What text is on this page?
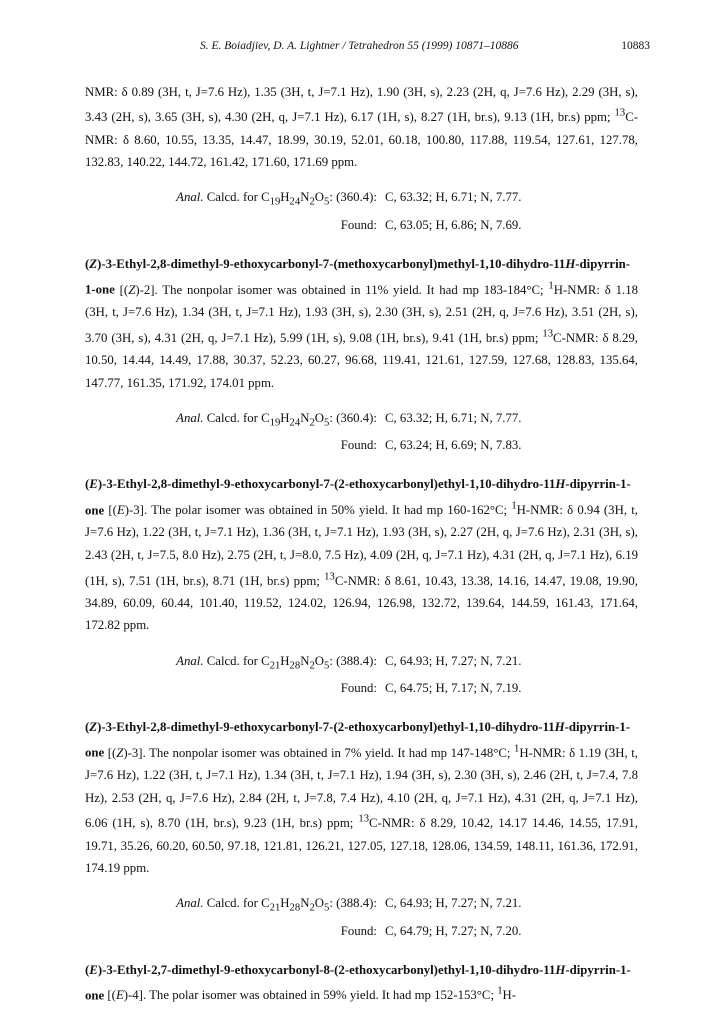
S. E. Boiadjiev, D. A. Lightner / Tetrahedron 55 (1999) 10871–10886	10883

NMR: δ 0.89 (3H, t, J=7.6 Hz), 1.35 (3H, t, J=7.1 Hz), 1.90 (3H, s), 2.23 (2H, q, J=7.6 Hz), 2.29 (3H, s), 3.43 (2H, s), 3.65 (3H, s), 4.30 (2H, q, J=7.1 Hz), 6.17 (1H, s), 8.27 (1H, br.s), 9.13 (1H, br.s) ppm; $^{13}$C-NMR: δ 8.60, 10.55, 13.35, 14.47, 18.99, 30.19, 52.01, 60.18, 100.80, 117.88, 119.54, 127.61, 127.78, 132.83, 140.22, 144.72, 161.42, 171.60, 171.69 ppm.

Anal. Calcd. for $C_{19}H_{24}N_2O_5$: (360.4): C, 63.32; H, 6.71; N, 7.77.
Found: C, 63.05; H, 6.86; N, 7.69.

(Z)-3-Ethyl-2,8-dimethyl-9-ethoxycarbonyl-7-(methoxycarbonyl)methyl-1,10-dihydro-11H-dipyrrin-1-one [(Z)-2]. The nonpolar isomer was obtained in 11% yield. It had mp 183-184°C; $^1$H-NMR: δ 1.18 (3H, t, J=7.6 Hz), 1.34 (3H, t, J=7.1 Hz), 1.93 (3H, s), 2.30 (3H, s), 2.51 (2H, q, J=7.6 Hz), 3.51 (2H, s), 3.70 (3H, s), 4.31 (2H, q, J=7.1 Hz), 5.99 (1H, s), 9.08 (1H, br.s), 9.41 (1H, br.s) ppm; $^{13}$C-NMR: δ 8.29, 10.50, 14.44, 14.49, 17.88, 30.37, 52.23, 60.27, 96.68, 119.41, 121.61, 127.59, 127.68, 128.83, 135.64, 147.77, 161.35, 171.92, 174.01 ppm.

Anal. Calcd. for $C_{19}H_{24}N_2O_5$: (360.4): C, 63.32; H, 6.71; N, 7.77.
Found: C, 63.24; H, 6.69; N, 7.83.

(E)-3-Ethyl-2,8-dimethyl-9-ethoxycarbonyl-7-(2-ethoxycarbonyl)ethyl-1,10-dihydro-11H-dipyrrin-1-one [(E)-3]. The polar isomer was obtained in 50% yield. It had mp 160-162°C; $^1$H-NMR: δ 0.94 (3H, t, J=7.6 Hz), 1.22 (3H, t, J=7.1 Hz), 1.36 (3H, t, J=7.1 Hz), 1.93 (3H, s), 2.27 (2H, q, J=7.6 Hz), 2.31 (3H, s), 2.43 (2H, t, J=7.5, 8.0 Hz), 2.75 (2H, t, J=8.0, 7.5 Hz), 4.09 (2H, q, J=7.1 Hz), 4.31 (2H, q, J=7.1 Hz), 6.19 (1H, s), 7.51 (1H, br.s), 8.71 (1H, br.s) ppm; $^{13}$C-NMR: δ 8.61, 10.43, 13.38, 14.16, 14.47, 19.08, 19.90, 34.89, 60.09, 60.44, 101.40, 119.52, 124.02, 126.94, 126.98, 132.72, 139.64, 144.59, 161.43, 171.64, 172.82 ppm.

Anal. Calcd. for $C_{21}H_{28}N_2O_5$: (388.4): C, 64.93; H, 7.27; N, 7.21.
Found: C, 64.75; H, 7.17; N, 7.19.

(Z)-3-Ethyl-2,8-dimethyl-9-ethoxycarbonyl-7-(2-ethoxycarbonyl)ethyl-1,10-dihydro-11H-dipyrrin-1-one [(Z)-3]. The nonpolar isomer was obtained in 7% yield. It had mp 147-148°C; $^1$H-NMR: δ 1.19 (3H, t, J=7.6 Hz), 1.22 (3H, t, J=7.1 Hz), 1.34 (3H, t, J=7.1 Hz), 1.94 (3H, s), 2.30 (3H, s), 2.46 (2H, t, J=7.4, 7.8 Hz), 2.53 (2H, q, J=7.6 Hz), 2.84 (2H, t, J=7.8, 7.4 Hz), 4.10 (2H, q, J=7.1 Hz), 4.31 (2H, q, J=7.1 Hz), 6.06 (1H, s), 8.70 (1H, br.s), 9.23 (1H, br.s) ppm; $^{13}$C-NMR: δ 8.29, 10.42, 14.17 14.46, 14.55, 17.91, 19.71, 35.26, 60.20, 60.50, 97.18, 121.81, 126.21, 127.05, 127.18, 128.06, 134.59, 148.11, 161.36, 172.91, 174.19 ppm.

Anal. Calcd. for $C_{21}H_{28}N_2O_5$: (388.4): C, 64.93; H, 7.27; N, 7.21.
Found: C, 64.79; H, 7.27; N, 7.20.

(E)-3-Ethyl-2,7-dimethyl-9-ethoxycarbonyl-8-(2-ethoxycarbonyl)ethyl-1,10-dihydro-11H-dipyrrin-1-one [(E)-4]. The polar isomer was obtained in 59% yield. It had mp 152-153°C; $^1$H-
